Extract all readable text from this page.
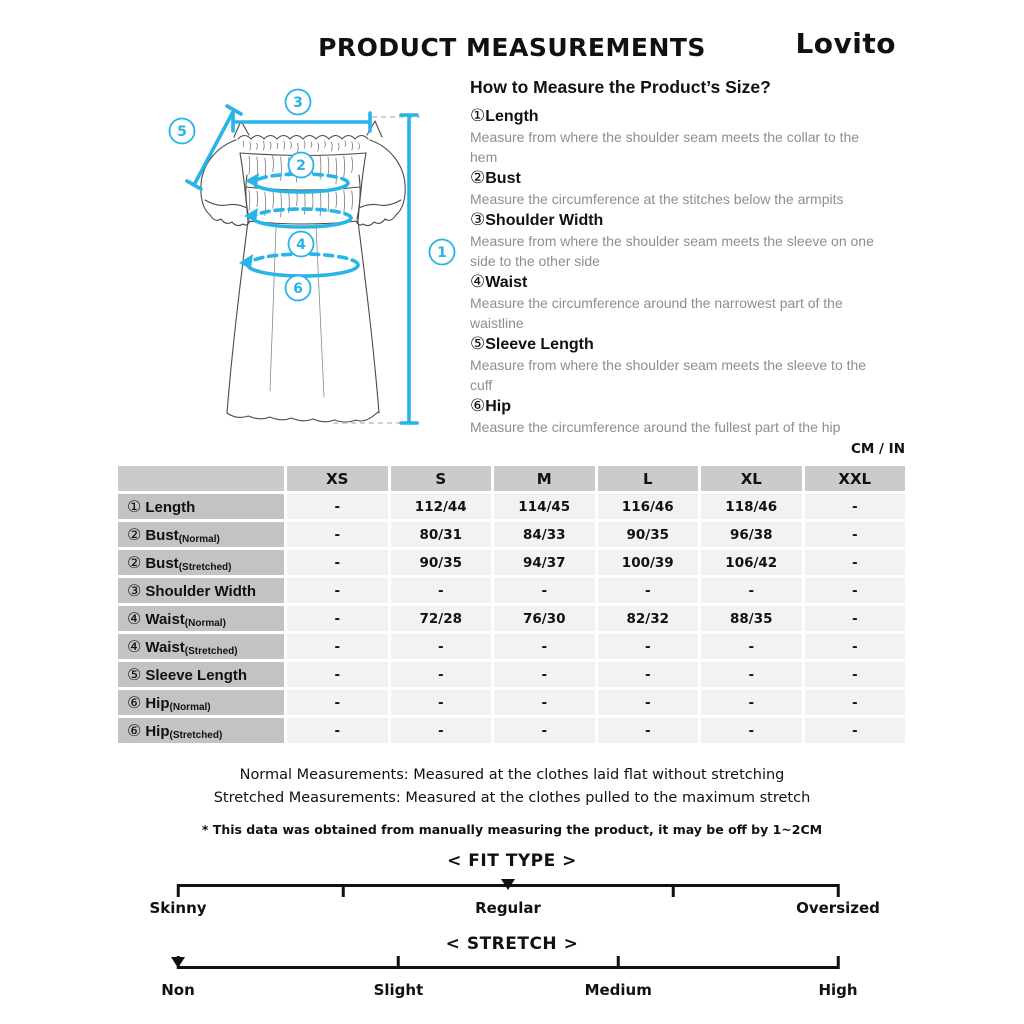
PRODUCT MEASUREMENTS	Lovito
1
2
3
4
5
6
How to Measure the Product’s Size?
①Length
Measure from where the shoulder seam meets the collar to the hem
②Bust
Measure the circumference at the stitches below the armpits
③Shoulder Width
Measure from where the shoulder seam meets the sleeve on one side to the other side
④Waist
Measure the circumference around the narrowest part of the waistline
⑤Sleeve Length
Measure from where the shoulder seam meets the sleeve to the cuff
⑥Hip
Measure the circumference around the fullest part of the hip
CM / IN
	XS	S	M	L	XL	XXL
① Length	-	112/44	114/45	116/46	118/46	-
② Bust(Normal)	-	80/31	84/33	90/35	96/38	-
② Bust(Stretched)	-	90/35	94/37	100/39	106/42	-
③ Shoulder Width	-	-	-	-	-	-
④ Waist(Normal)	-	72/28	76/30	82/32	88/35	-
④ Waist(Stretched)	-	-	-	-	-	-
⑤ Sleeve Length	-	-	-	-	-	-
⑥ Hip(Normal)	-	-	-	-	-	-
⑥ Hip(Stretched)	-	-	-	-	-	-
Normal Measurements: Measured at the clothes laid flat without stretching
Stretched Measurements: Measured at the clothes pulled to the maximum stretch
* This data was obtained from manually measuring the product, it may be off by 1~2CM
< FIT TYPE >
Skinny	Regular	Oversized
< STRETCH >
Non	Slight	Medium	High
